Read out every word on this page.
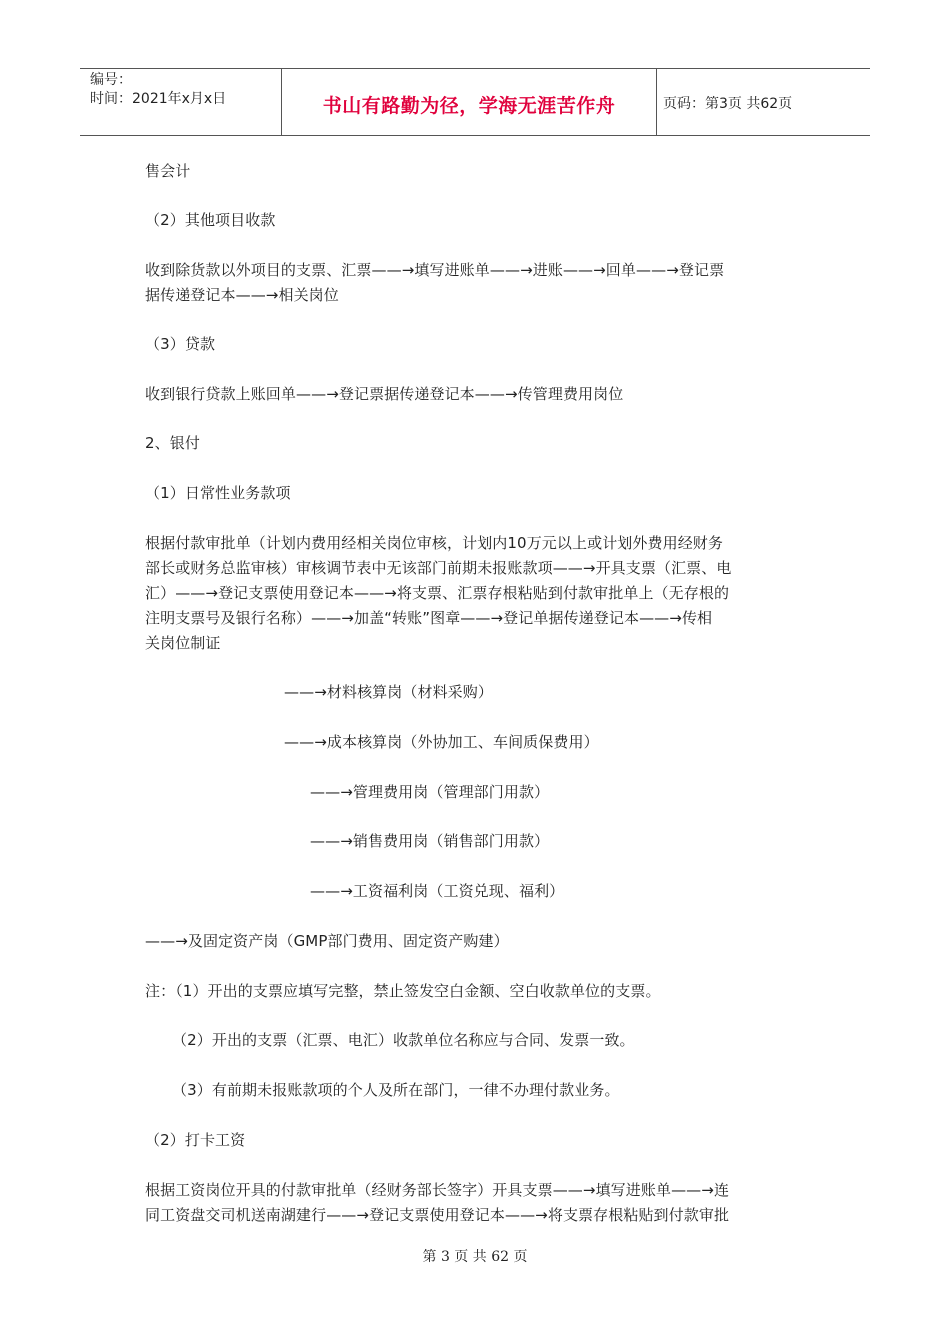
编号：
时间：2021年x月x日	书山有路勤为径，学海无涯苦作舟	页码：第3页 共62页
售会计
（2）其他项目收款
收到除货款以外项目的支票、汇票——→填写进账单——→进账——→回单——→登记票
据传递登记本——→相关岗位
（3）贷款
收到银行贷款上账回单——→登记票据传递登记本——→传管理费用岗位
2、银付
（1）日常性业务款项
根据付款审批单（计划内费用经相关岗位审核，计划内10万元以上或计划外费用经财务
部长或财务总监审核）审核调节表中无该部门前期未报账款项——→开具支票（汇票、电
汇）——→登记支票使用登记本——→将支票、汇票存根粘贴到付款审批单上（无存根的
注明支票号及银行名称）——→加盖“转账”图章——→登记单据传递登记本——→传相
关岗位制证
——→材料核算岗（材料采购）
——→成本核算岗（外协加工、车间质保费用）
——→管理费用岗（管理部门用款）
——→销售费用岗（销售部门用款）
——→工资福利岗（工资兑现、福利）
——→及固定资产岗（GMP部门费用、固定资产购建）
注：（1）开出的支票应填写完整，禁止签发空白金额、空白收款单位的支票。
（2）开出的支票（汇票、电汇）收款单位名称应与合同、发票一致。
（3）有前期未报账款项的个人及所在部门，一律不办理付款业务。
（2）打卡工资
根据工资岗位开具的付款审批单（经财务部长签字）开具支票——→填写进账单——→连
同工资盘交司机送南湖建行——→登记支票使用登记本——→将支票存根粘贴到付款审批
第 3 页 共 62 页
